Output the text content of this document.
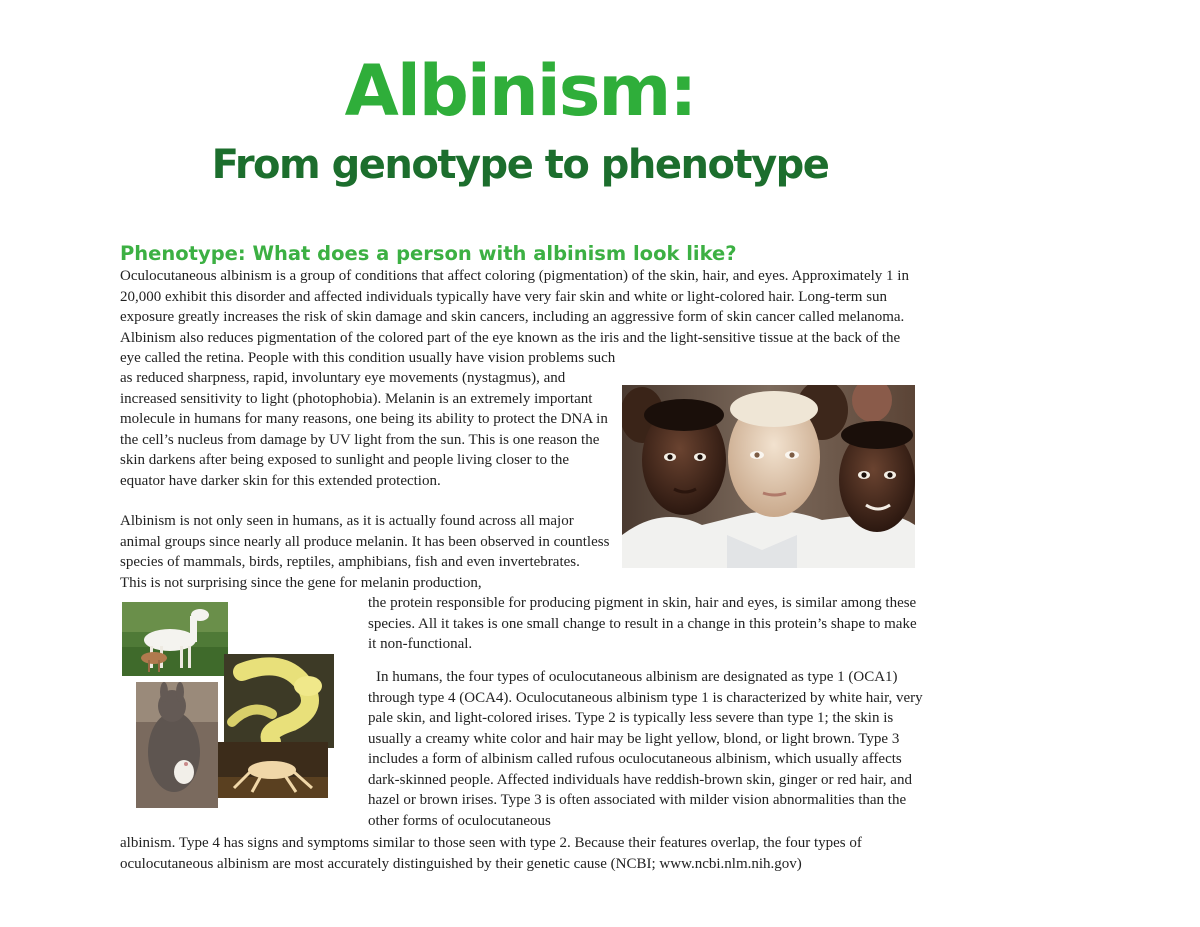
Albinism:
From genotype to phenotype
Phenotype: What does a person with albinism look like?

Oculocutaneous albinism is a group of conditions that affect coloring (pigmentation) of the skin, hair, and eyes. Approximately 1 in 20,000 exhibit this disorder and affected individuals typically have very fair skin and white or light-colored hair. Long-term sun exposure greatly increases the risk of skin damage and skin cancers, including an aggressive form of skin cancer called melanoma. Albinism also reduces pigmentation of the colored part of the eye known as the iris and the light-sensitive tissue at the back of the eye called the retina. People with this condition usually have vision problems such

as reduced sharpness, rapid, involuntary eye movements (nystagmus), and increased sensitivity to light (photophobia). Melanin is an extremely important molecule in humans for many reasons, one being its ability to protect the DNA in the cell’s nucleus from damage by UV light from the sun. This is one reason the skin darkens after being exposed to sunlight and people living closer to the equator have darker skin for this extended protection.

Albinism is not only seen in humans, as it is actually found across all major animal groups since nearly all produce melanin. It has been observed in countless species of mammals, birds, reptiles, amphibians, fish and even invertebrates. This is not surprising since the gene for melanin production,

the protein responsible for producing pigment in skin, hair and eyes, is similar among these species. All it takes is one small change to result in a change in this protein’s shape to make it non-functional.

In humans, the four types of oculocutaneous albinism are designated as type 1 (OCA1) through type 4 (OCA4). Oculocutaneous albinism type 1 is characterized by white hair, very pale skin, and light-colored irises. Type 2 is typically less severe than type 1; the skin is usually a creamy white color and hair may be light yellow, blond, or light brown. Type 3 includes a form of albinism called rufous oculocutaneous albinism, which usually affects dark-skinned people. Affected individuals have reddish-brown skin, ginger or red hair, and hazel or brown irises. Type 3 is often associated with milder vision abnormalities than the other forms of oculocutaneous

albinism. Type 4 has signs and symptoms similar to those seen with type 2. Because their features overlap, the four types of oculocutaneous albinism are most accurately distinguished by their genetic cause (NCBI; www.ncbi.nlm.nih.gov)
